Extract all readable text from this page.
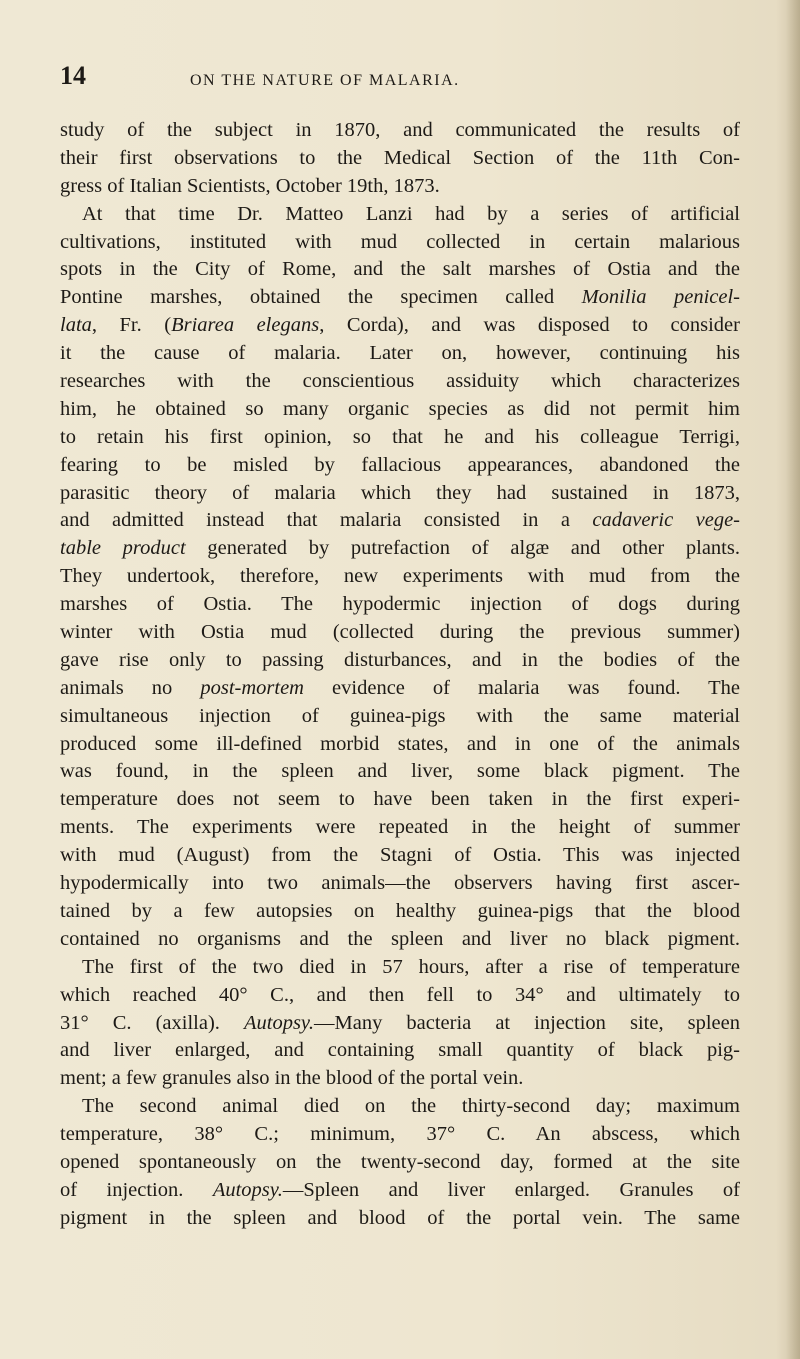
14	ON THE NATURE OF MALARIA.
study of the subject in 1870, and communicated the results of
their first observations to the Medical Section of the 11th Con-
gress of Italian Scientists, October 19th, 1873.
At that time Dr. Matteo Lanzi had by a series of artificial
cultivations, instituted with mud collected in certain malarious
spots in the City of Rome, and the salt marshes of Ostia and the
Pontine marshes, obtained the specimen called Monilia penicel-
lata, Fr. (Briarea elegans, Corda), and was disposed to consider
it the cause of malaria. Later on, however, continuing his
researches with the conscientious assiduity which characterizes
him, he obtained so many organic species as did not permit him
to retain his first opinion, so that he and his colleague Terrigi,
fearing to be misled by fallacious appearances, abandoned the
parasitic theory of malaria which they had sustained in 1873,
and admitted instead that malaria consisted in a cadaveric vege-
table product generated by putrefaction of algæ and other plants.
They undertook, therefore, new experiments with mud from the
marshes of Ostia. The hypodermic injection of dogs during
winter with Ostia mud (collected during the previous summer)
gave rise only to passing disturbances, and in the bodies of the
animals no post-mortem evidence of malaria was found. The
simultaneous injection of guinea-pigs with the same material
produced some ill-defined morbid states, and in one of the animals
was found, in the spleen and liver, some black pigment. The
temperature does not seem to have been taken in the first experi-
ments. The experiments were repeated in the height of summer
with mud (August) from the Stagni of Ostia. This was injected
hypodermically into two animals—the observers having first ascer-
tained by a few autopsies on healthy guinea-pigs that the blood
contained no organisms and the spleen and liver no black pigment.
The first of the two died in 57 hours, after a rise of temperature
which reached 40° C., and then fell to 34° and ultimately to
31° C. (axilla). Autopsy.—Many bacteria at injection site, spleen
and liver enlarged, and containing small quantity of black pig-
ment; a few granules also in the blood of the portal vein.
The second animal died on the thirty-second day; maximum
temperature, 38° C.; minimum, 37° C. An abscess, which
opened spontaneously on the twenty-second day, formed at the site
of injection. Autopsy.—Spleen and liver enlarged. Granules of
pigment in the spleen and blood of the portal vein. The same
